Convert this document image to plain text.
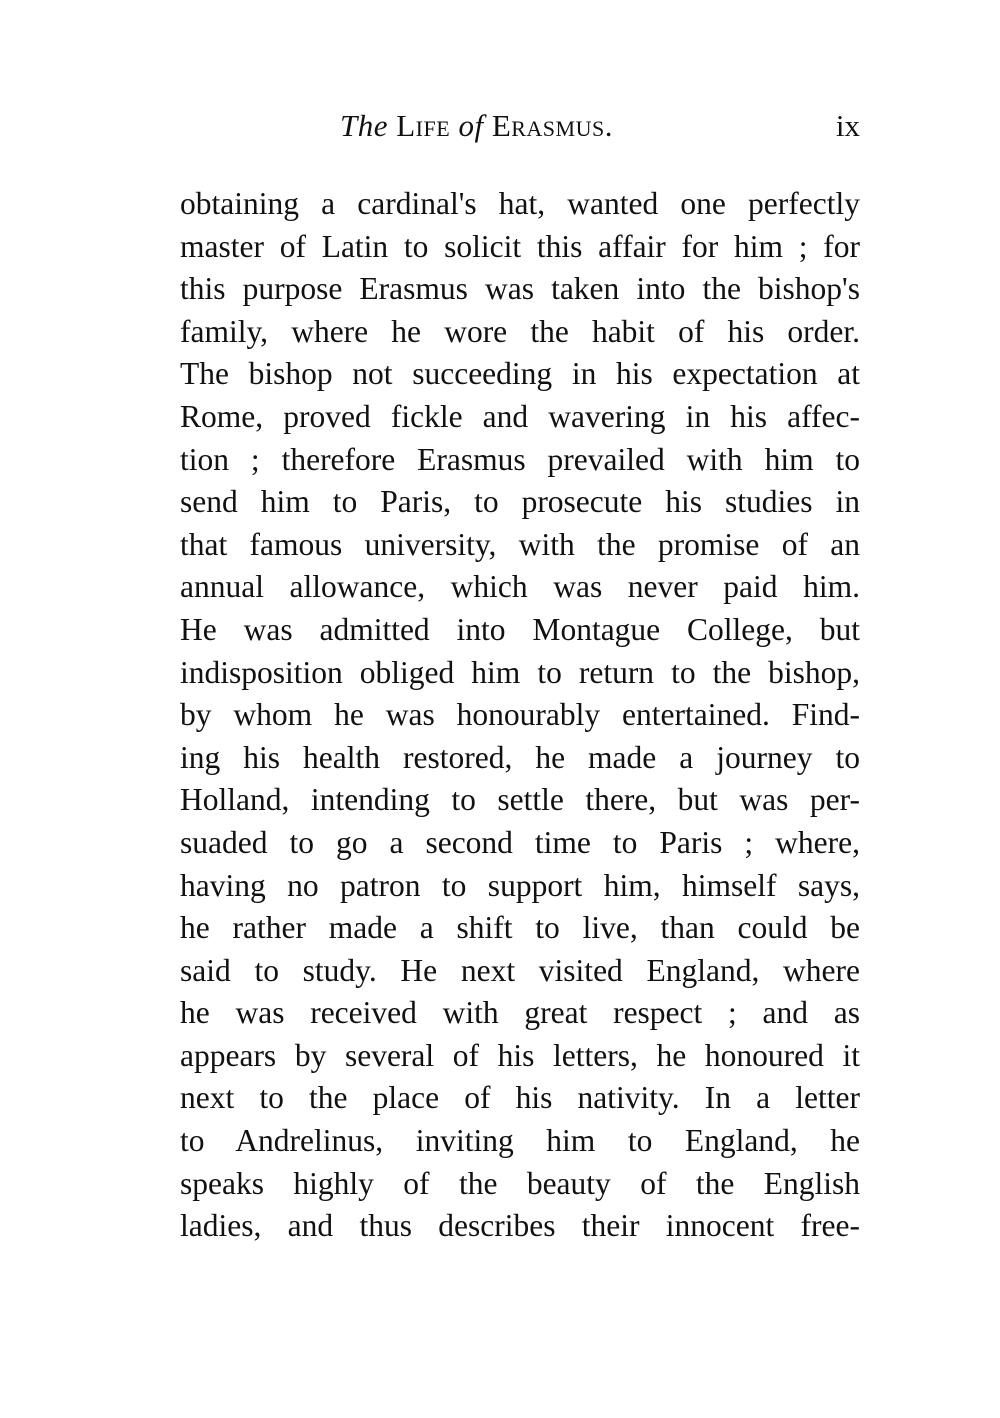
The Life of Erasmus.	ix
obtaining a cardinal's hat, wanted one perfectly
master of Latin to solicit this affair for him ; for
this purpose Erasmus was taken into the bishop's
family, where he wore the habit of his order.
The bishop not succeeding in his expectation at
Rome, proved fickle and wavering in his affec-
tion ; therefore Erasmus prevailed with him to
send him to Paris, to prosecute his studies in
that famous university, with the promise of an
annual allowance, which was never paid him.
He was admitted into Montague College, but
indisposition obliged him to return to the bishop,
by whom he was honourably entertained. Find-
ing his health restored, he made a journey to
Holland, intending to settle there, but was per-
suaded to go a second time to Paris ; where,
having no patron to support him, himself says,
he rather made a shift to live, than could be
said to study. He next visited England, where
he was received with great respect ; and as
appears by several of his letters, he honoured it
next to the place of his nativity. In a letter
to Andrelinus, inviting him to England, he
speaks highly of the beauty of the English
ladies, and thus describes their innocent free-
